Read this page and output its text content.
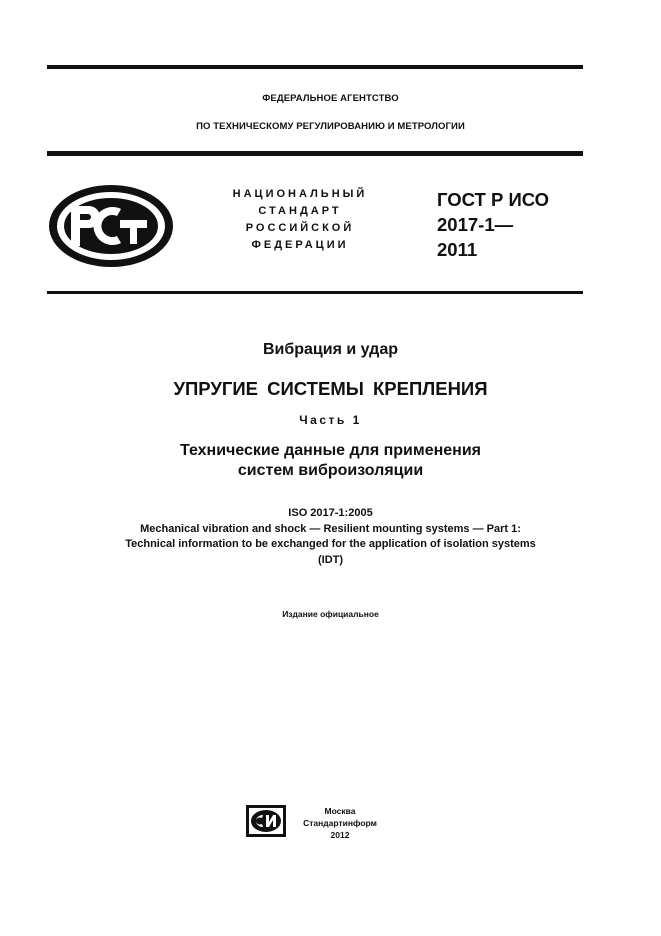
ФЕДЕРАЛЬНОЕ АГЕНТСТВО
ПО ТЕХНИЧЕСКОМУ РЕГУЛИРОВАНИЮ И МЕТРОЛОГИИ
НАЦИОНАЛЬНЫЙ
СТАНДАРТ
РОССИЙСКОЙ
ФЕДЕРАЦИИ
ГОСТ Р ИСО
2017-1—
2011
Вибрация и удар
УПРУГИЕ СИСТЕМЫ КРЕПЛЕНИЯ
Часть 1
Технические данные для применения
систем виброизоляции
ISO 2017-1:2005
Mechanical vibration and shock — Resilient mounting systems — Part 1:
Technical information to be exchanged for the application of isolation systems
(IDT)
Издание официальное
Москва
Стандартинформ
2012
